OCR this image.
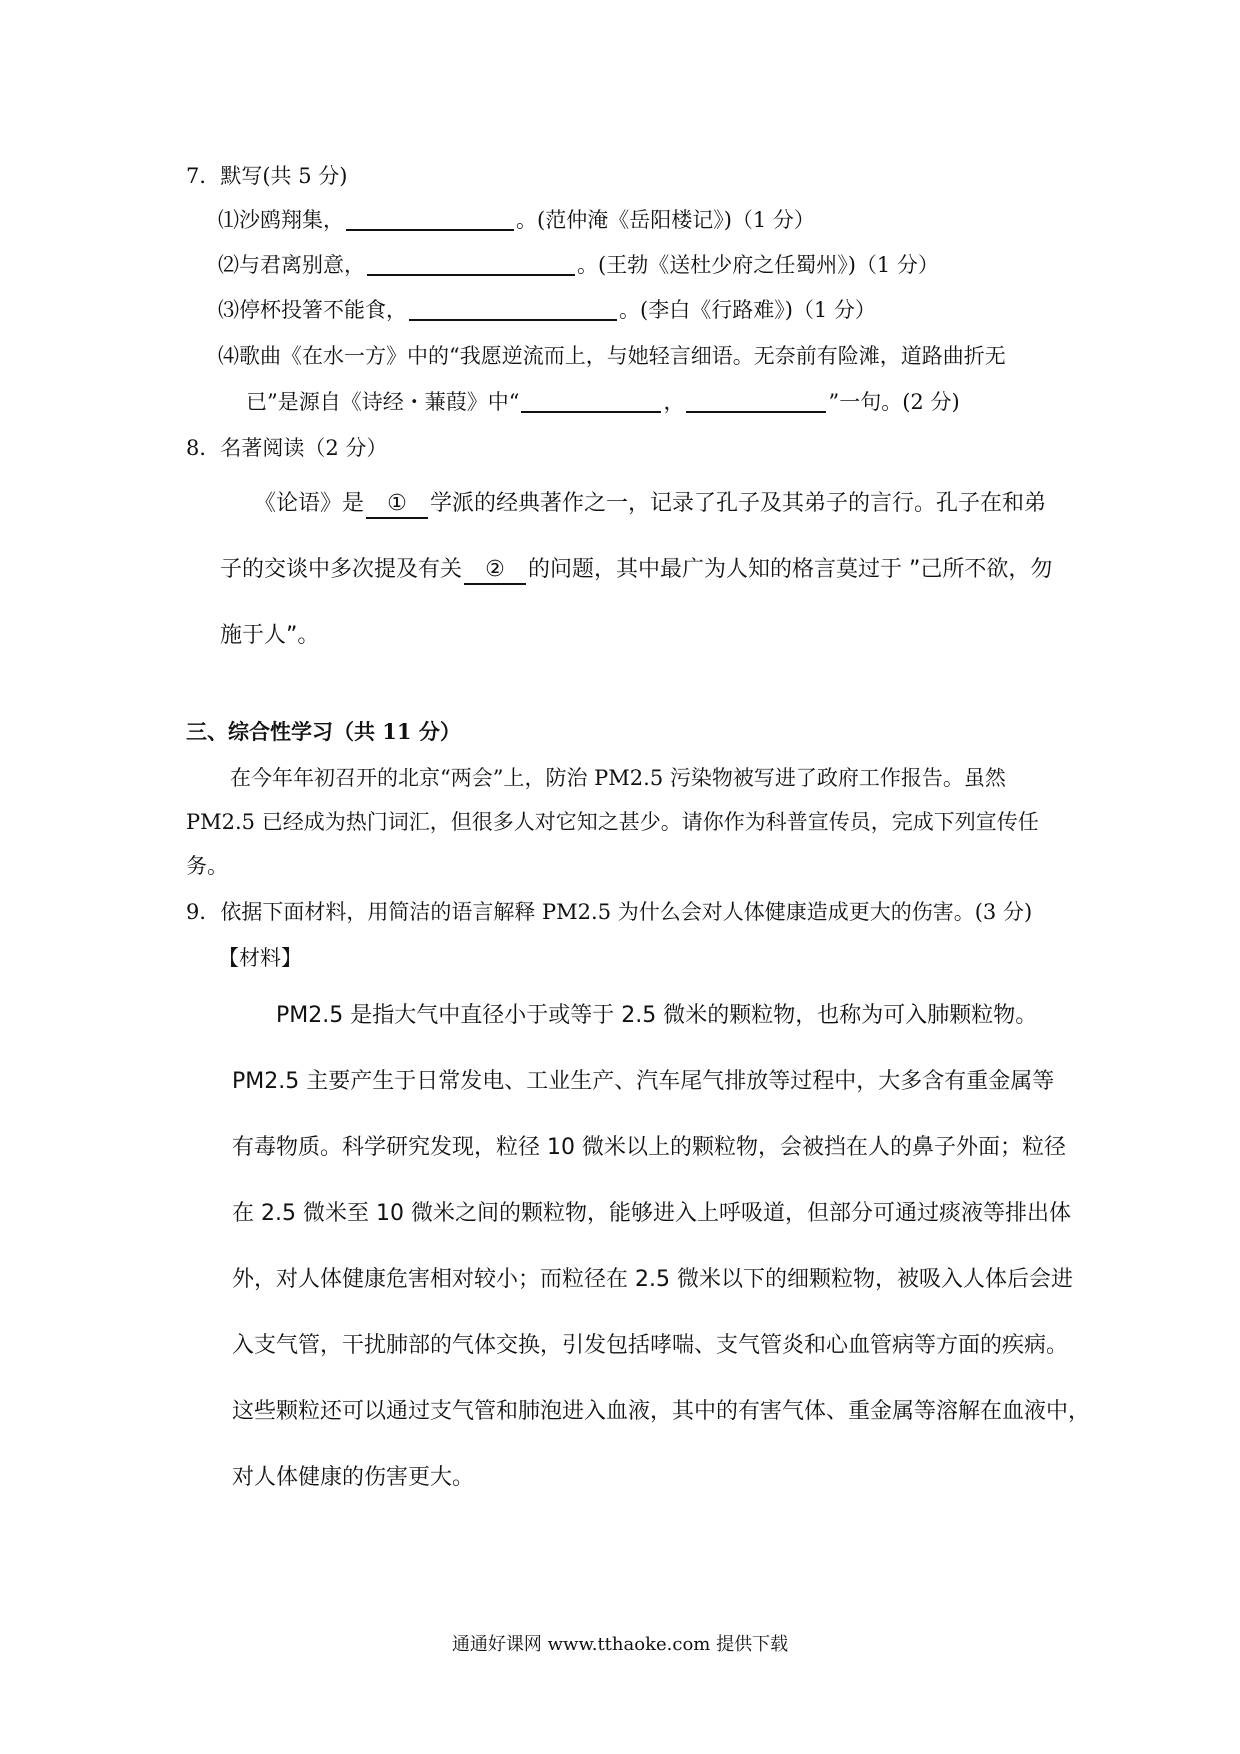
7．默写(共 5 分)
⑴沙鸥翔集，	。(范仲淹《岳阳楼记》)（1 分）
⑵与君离别意，	。(王勃《送杜少府之任蜀州》)（1 分）
⑶停杯投箸不能食，	。(李白《行路难》)（1 分）
⑷歌曲《在水一方》中的“我愿逆流而上，与她轻言细语。无奈前有险滩，道路曲折无
已”是源自《诗经・蒹葭》中“	，	”一句。(2 分)
8．名著阅读（2 分）
《论语》是 ① 学派的经典著作之一，记录了孔子及其弟子的言行。孔子在和弟
子的交谈中多次提及有关 ② 的问题，其中最广为人知的格言莫过于 ”己所不欲，勿
施于人”。
三、综合性学习（共 11 分）
在今年年初召开的北京“两会”上，防治 PM2.5 污染物被写进了政府工作报告。虽然
PM2.5 已经成为热门词汇，但很多人对它知之甚少。请你作为科普宣传员，完成下列宣传任
务。
9．依据下面材料，用简洁的语言解释 PM2.5 为什么会对人体健康造成更大的伤害。(3 分)
【材料】
PM2.5 是指大气中直径小于或等于 2.5 微米的颗粒物，也称为可入肺颗粒物。
PM2.5 主要产生于日常发电、工业生产、汽车尾气排放等过程中，大多含有重金属等
有毒物质。科学研究发现，粒径 10 微米以上的颗粒物，会被挡在人的鼻子外面；粒径
在 2.5 微米至 10 微米之间的颗粒物，能够进入上呼吸道，但部分可通过痰液等排出体
外，对人体健康危害相对较小；而粒径在 2.5 微米以下的细颗粒物，被吸入人体后会进
入支气管，干扰肺部的气体交换，引发包括哮喘、支气管炎和心血管病等方面的疾病。
这些颗粒还可以通过支气管和肺泡进入血液，其中的有害气体、重金属等溶解在血液中，
对人体健康的伤害更大。
通通好课网 www.tthaoke.com 提供下载
